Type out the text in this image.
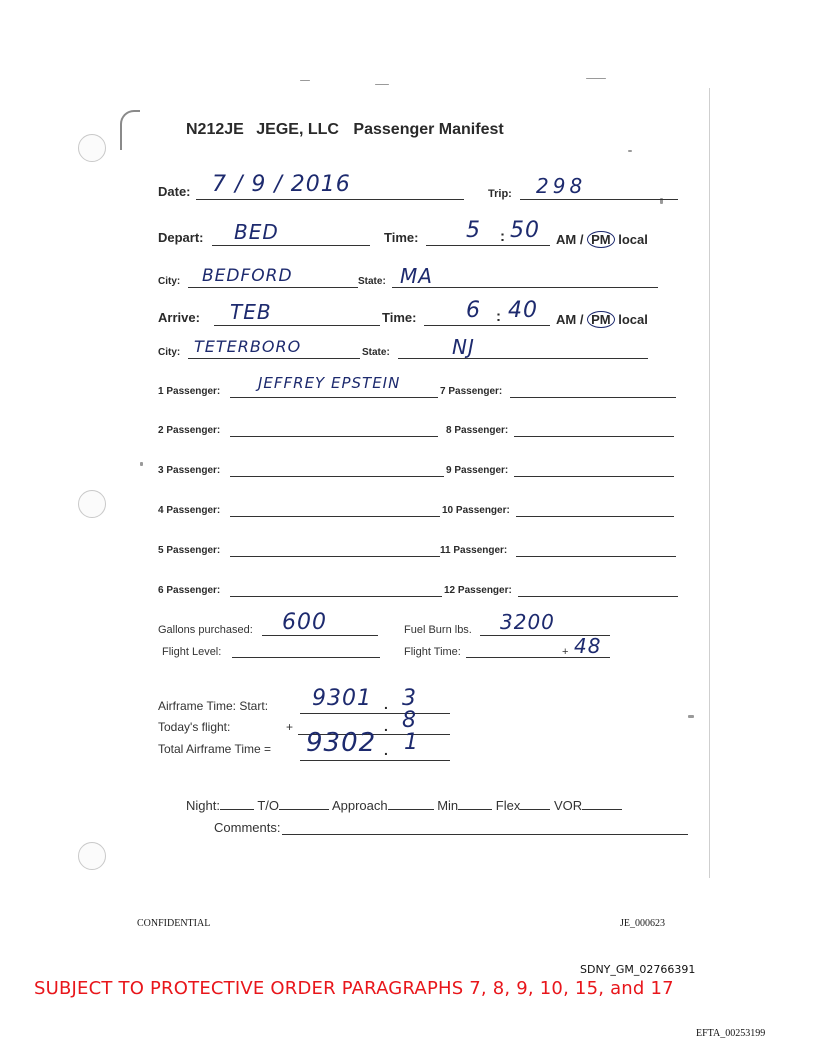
N212JE JEGE, LLC Passenger Manifest
Date: 7 / 9 / 2016	Trip: 298
Depart: BED	Time: 5 : 50 AM / PM local
City: BEDFORD	State: MA
Arrive: TEB	Time: 6 : 40 AM / PM local
City: TETERBORO	State:	NJ
1 Passenger:	JEFFREY EPSTEIN	7 Passenger:
2 Passenger:	8 Passenger:
3 Passenger:	9 Passenger:
4 Passenger:	10 Passenger:
5 Passenger:	11 Passenger:
6 Passenger:	12 Passenger:
Gallons purchased: 600	Fuel Burn lbs. 3200
Flight Level:	Flight Time:	+ 48
Airframe Time: Start: 9301 . 3
Today's flight:	+	. 8
Total Airframe Time = 9302 . 1
Night:	T/O	Approach	Min	Flex	VOR
Comments:
CONFIDENTIAL	JE_000623
SDNY_GM_02766391
SUBJECT TO PROTECTIVE ORDER PARAGRAPHS 7, 8, 9, 10, 15, and 17
EFTA_00253199
